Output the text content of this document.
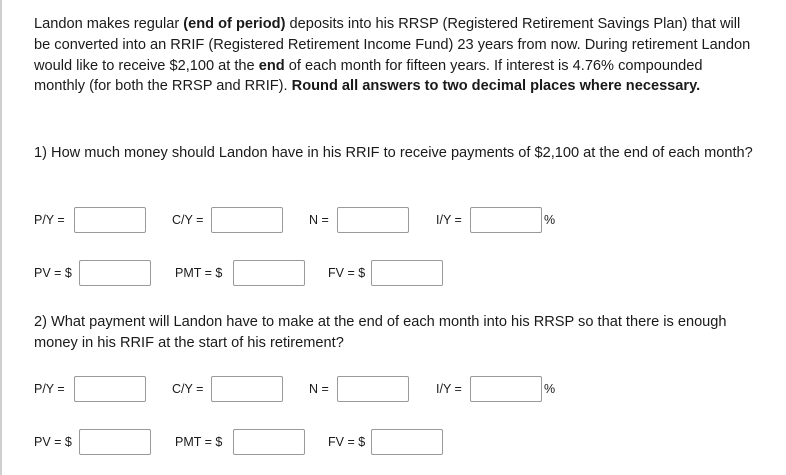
Landon makes regular (end of period) deposits into his RRSP (Registered Retirement Savings Plan) that will be converted into an RRIF (Registered Retirement Income Fund) 23 years from now. During retirement Landon would like to receive $2,100 at the end of each month for fifteen years. If interest is 4.76% compounded monthly (for both the RRSP and RRIF). Round all answers to two decimal places where necessary.

1) How much money should Landon have in his RRIF to receive payments of $2,100 at the end of each month?

P/Y =	C/Y =	N =	I/Y =	%
PV = $	PMT = $	FV = $

2) What payment will Landon have to make at the end of each month into his RRSP so that there is enough money in his RRIF at the start of his retirement?

P/Y =	C/Y =	N =	I/Y =	%
PV = $	PMT = $	FV = $
